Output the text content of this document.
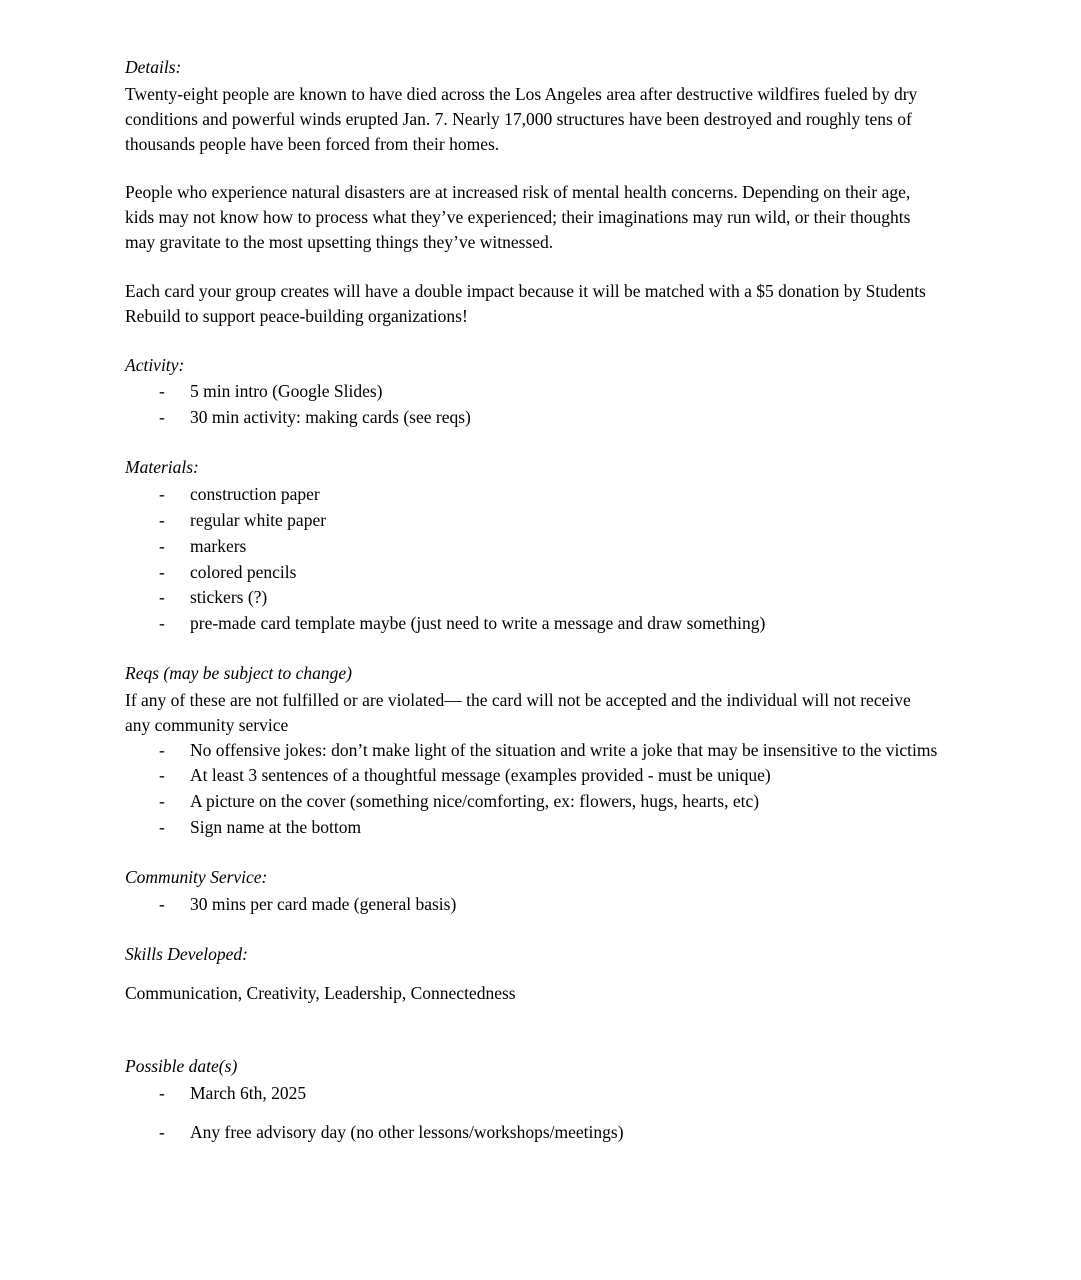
Details:

Twenty-eight people are known to have died across the Los Angeles area after destructive wildfires fueled by dry conditions and powerful winds erupted Jan. 7. Nearly 17,000 structures have been destroyed and roughly tens of thousands people have been forced from their homes.

People who experience natural disasters are at increased risk of mental health concerns. Depending on their age, kids may not know how to process what they’ve experienced; their imaginations may run wild, or their thoughts may gravitate to the most upsetting things they’ve witnessed.

Each card your group creates will have a double impact because it will be matched with a $5 donation by Students Rebuild to support peace-building organizations!

Activity:
- 5 min intro (Google Slides)
- 30 min activity: making cards (see reqs)
Materials:
- construction paper
- regular white paper
- markers
- colored pencils
- stickers (?)
- pre-made card template maybe (just need to write a message and draw something)
Reqs (may be subject to change)

If any of these are not fulfilled or are violated— the card will not be accepted and the individual will not receive any community service

- No offensive jokes: don’t make light of the situation and write a joke that may be insensitive to the victims
- At least 3 sentences of a thoughtful message (examples provided - must be unique)
- A picture on the cover (something nice/comforting, ex: flowers, hugs, hearts, etc)
- Sign name at the bottom
Community Service:
- 30 mins per card made (general basis)
Skills Developed:

Communication, Creativity, Leadership, Connectedness

Possible date(s)
- March 6th, 2025
- Any free advisory day (no other lessons/workshops/meetings)
